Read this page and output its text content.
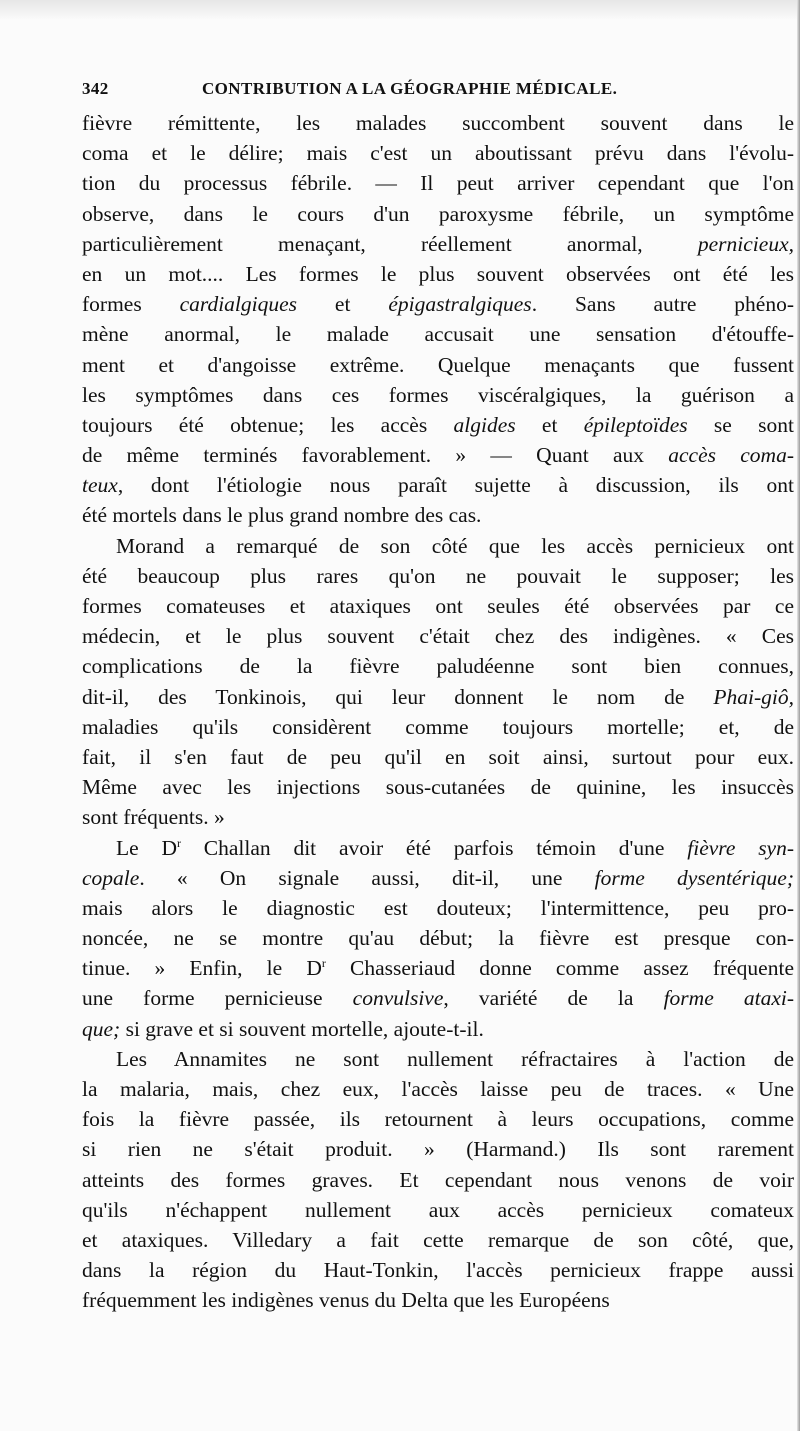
342	CONTRIBUTION A LA GÉOGRAPHIE MÉDICALE.
fièvre rémittente, les malades succombent souvent dans le
coma et le délire; mais c'est un aboutissant prévu dans l'évolu-
tion du processus fébrile. — Il peut arriver cependant que l'on
observe, dans le cours d'un paroxysme fébrile, un symptôme
particulièrement menaçant, réellement anormal, pernicieux,
en un mot.... Les formes le plus souvent observées ont été les
formes cardialgiques et épigastralgiques. Sans autre phéno-
mène anormal, le malade accusait une sensation d'étouffe-
ment et d'angoisse extrême. Quelque menaçants que fussent
les symptômes dans ces formes viscéralgiques, la guérison a
toujours été obtenue; les accès algides et épileptoïdes se sont
de même terminés favorablement. » — Quant aux accès coma-
teux, dont l'étiologie nous paraît sujette à discussion, ils ont
été mortels dans le plus grand nombre des cas.
Morand a remarqué de son côté que les accès pernicieux ont
été beaucoup plus rares qu'on ne pouvait le supposer; les
formes comateuses et ataxiques ont seules été observées par ce
médecin, et le plus souvent c'était chez des indigènes. « Ces
complications de la fièvre paludéenne sont bien connues,
dit-il, des Tonkinois, qui leur donnent le nom de Phai-giô,
maladies qu'ils considèrent comme toujours mortelle; et, de
fait, il s'en faut de peu qu'il en soit ainsi, surtout pour eux.
Même avec les injections sous-cutanées de quinine, les insuccès
sont fréquents. »
Le $D^r$ Challan dit avoir été parfois témoin d'une fièvre syn-
copale. « On signale aussi, dit-il, une forme dysentérique;
mais alors le diagnostic est douteux; l'intermittence, peu pro-
noncée, ne se montre qu'au début; la fièvre est presque con-
tinue. » Enfin, le $D^r$ Chasseriaud donne comme assez fréquente
une forme pernicieuse convulsive, variété de la forme ataxi-
que; si grave et si souvent mortelle, ajoute-t-il.
Les Annamites ne sont nullement réfractaires à l'action de
la malaria, mais, chez eux, l'accès laisse peu de traces. « Une
fois la fièvre passée, ils retournent à leurs occupations, comme
si rien ne s'était produit. » (Harmand.) Ils sont rarement
atteints des formes graves. Et cependant nous venons de voir
qu'ils n'échappent nullement aux accès pernicieux comateux
et ataxiques. Villedary a fait cette remarque de son côté, que,
dans la région du Haut-Tonkin, l'accès pernicieux frappe aussi
fréquemment les indigènes venus du Delta que les Européens
